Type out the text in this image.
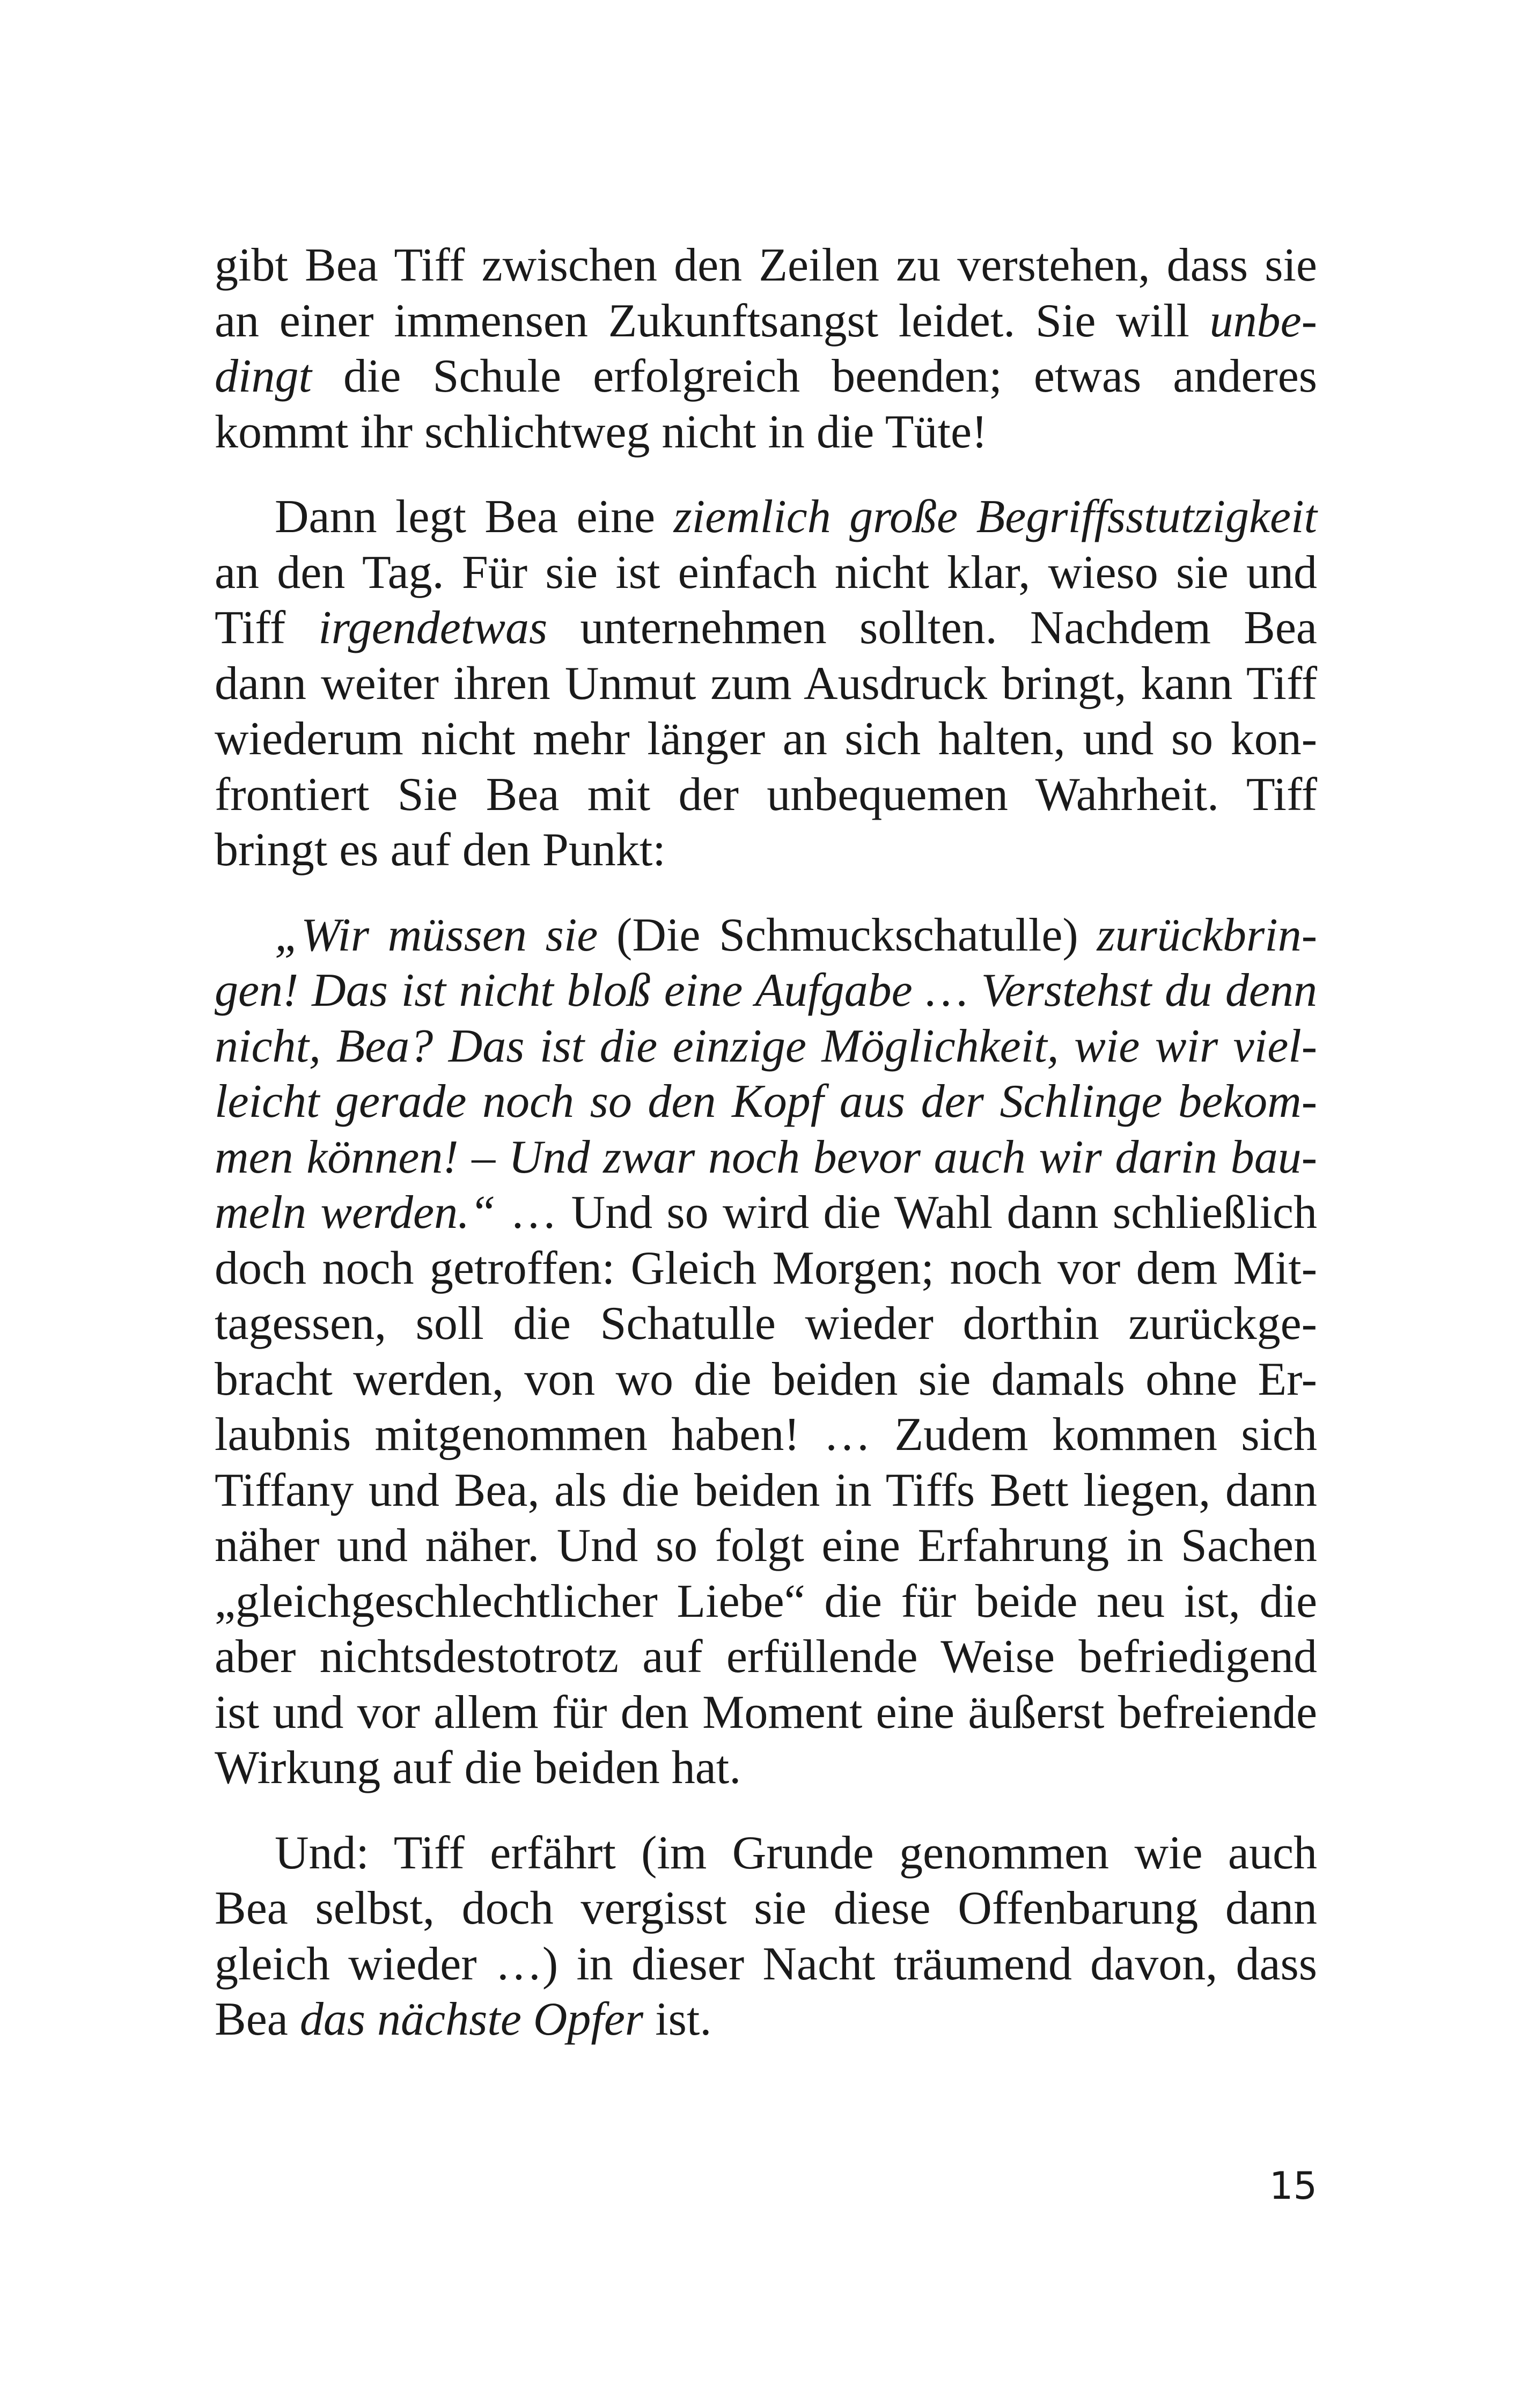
gibt Bea Tiff zwischen den Zeilen zu verstehen, dass sie
an einer immensen Zukunftsangst leidet. Sie will unbe-
dingt die Schule erfolgreich beenden; etwas anderes
kommt ihr schlichtweg nicht in die Tüte!

Dann legt Bea eine ziemlich große Begriffsstutzigkeit
an den Tag. Für sie ist einfach nicht klar, wieso sie und
Tiff irgendetwas unternehmen sollten. Nachdem Bea
dann weiter ihren Unmut zum Ausdruck bringt, kann Tiff
wiederum nicht mehr länger an sich halten, und so kon-
frontiert Sie Bea mit der unbequemen Wahrheit. Tiff
bringt es auf den Punkt:

„Wir müssen sie (Die Schmuckschatulle) zurückbrin-
gen! Das ist nicht bloß eine Aufgabe … Verstehst du denn
nicht, Bea? Das ist die einzige Möglichkeit, wie wir viel-
leicht gerade noch so den Kopf aus der Schlinge bekom-
men können! – Und zwar noch bevor auch wir darin bau-
meln werden.“ … Und so wird die Wahl dann schließlich
doch noch getroffen: Gleich Morgen; noch vor dem Mit-
tagessen, soll die Schatulle wieder dorthin zurückge-
bracht werden, von wo die beiden sie damals ohne Er-
laubnis mitgenommen haben! … Zudem kommen sich
Tiffany und Bea, als die beiden in Tiffs Bett liegen, dann
näher und näher. Und so folgt eine Erfahrung in Sachen
„gleichgeschlechtlicher Liebe“ die für beide neu ist, die
aber nichtsdestotrotz auf erfüllende Weise befriedigend
ist und vor allem für den Moment eine äußerst befreiende
Wirkung auf die beiden hat.

Und: Tiff erfährt (im Grunde genommen wie auch
Bea selbst, doch vergisst sie diese Offenbarung dann
gleich wieder …) in dieser Nacht träumend davon, dass
Bea das nächste Opfer ist.

15
